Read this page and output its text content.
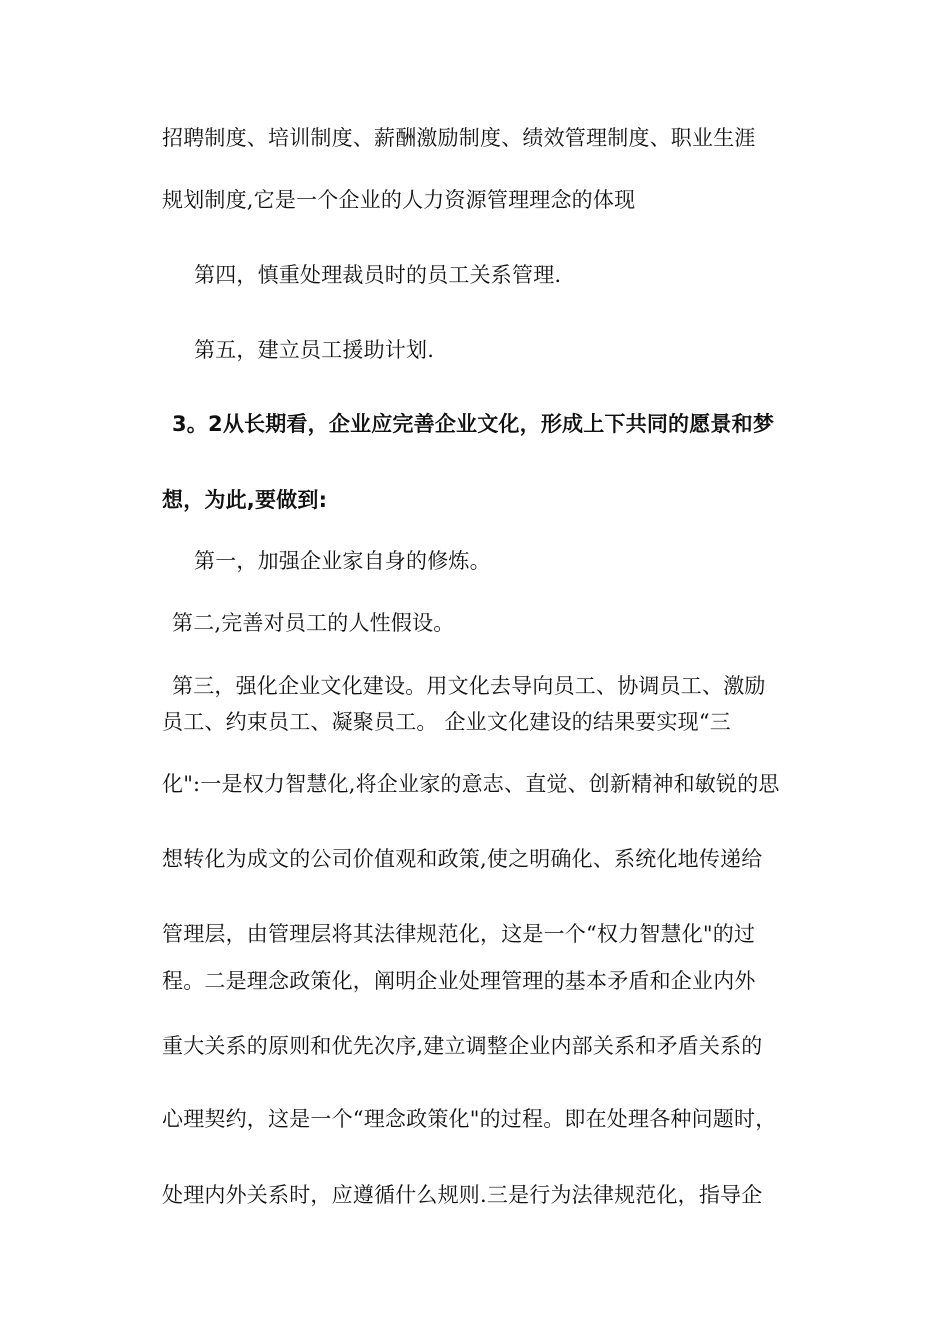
招聘制度、培训制度、薪酬激励制度、绩效管理制度、职业生涯
规划制度,它是一个企业的人力资源管理理念的体现
第四，慎重处理裁员时的员工关系管理.
第五，建立员工援助计划.
3。2从长期看，企业应完善企业文化，形成上下共同的愿景和梦
想，为此,要做到:
第一，加强企业家自身的修炼。
第二,完善对员工的人性假设。
第三，强化企业文化建设。用文化去导向员工、协调员工、激励
员工、约束员工、凝聚员工。 企业文化建设的结果要实现“三
化":一是权力智慧化,将企业家的意志、直觉、创新精神和敏锐的思
想转化为成文的公司价值观和政策,使之明确化、系统化地传递给
管理层，由管理层将其法律规范化，这是一个“权力智慧化"的过
程。二是理念政策化，阐明企业处理管理的基本矛盾和企业内外
重大关系的原则和优先次序,建立调整企业内部关系和矛盾关系的
心理契约，这是一个“理念政策化"的过程。即在处理各种问题时，
处理内外关系时，应遵循什么规则.三是行为法律规范化，指导企
